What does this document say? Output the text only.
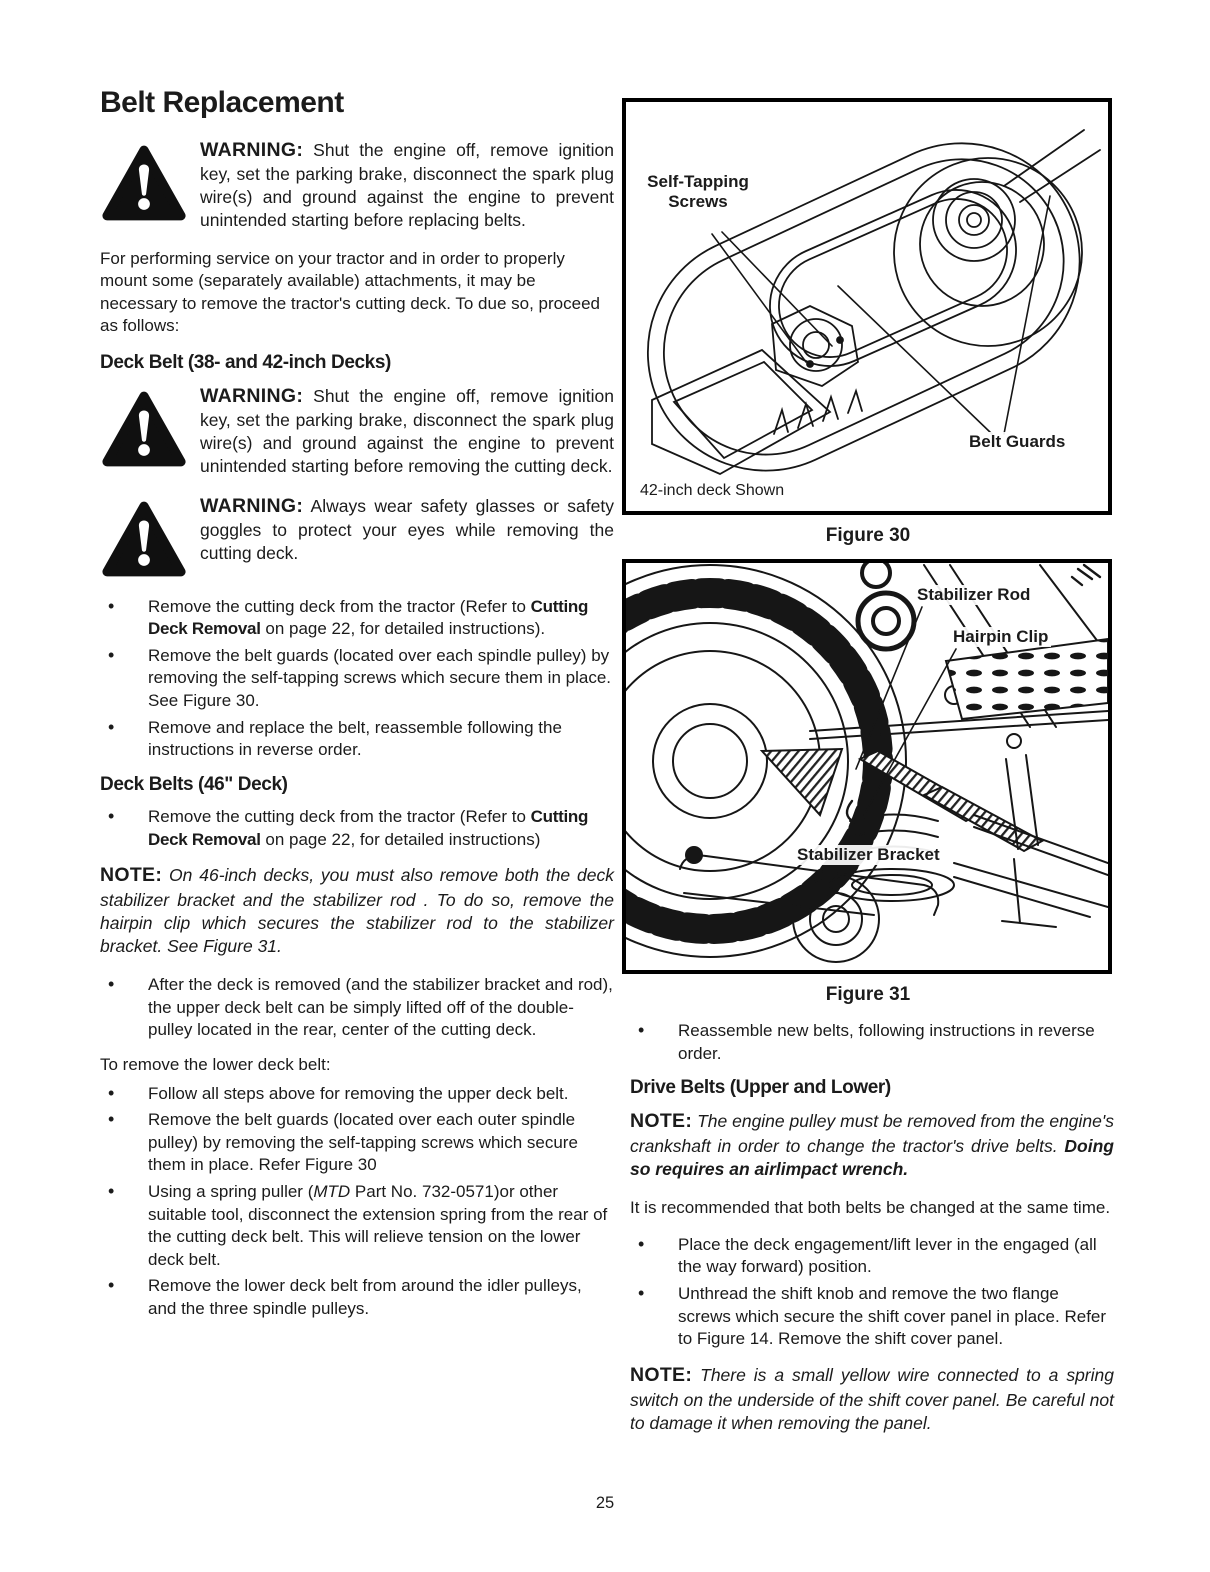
Belt Replacement
WARNING: Shut the engine off, remove ignition key, set the parking brake, disconnect the spark plug wire(s) and ground against the engine to prevent unintended starting before replacing belts.

For performing service on your tractor and in order to properly mount some (separately available) attachments, it may be necessary to remove the tractor's cutting deck. To due so, proceed as follows:

Deck Belt (38- and 42-inch Decks)
WARNING: Shut the engine off, remove ignition key, set the parking brake, disconnect the spark plug wire(s) and ground against the engine to prevent unintended starting before removing the cutting deck.
WARNING: Always wear safety glasses or safety goggles to protect your eyes while removing the cutting deck.
• Remove the cutting deck from the tractor (Refer to Cutting Deck Removal on page 22, for detailed instructions).
• Remove the belt guards (located over each spindle pulley) by removing the self-tapping screws which secure them in place. See Figure 30.
• Remove and replace the belt, reassemble following the instructions in reverse order.
Deck Belts (46" Deck)
• Remove the cutting deck from the tractor (Refer to Cutting Deck Removal on page 22, for detailed instructions)

NOTE: On 46-inch decks, you must also remove both the deck stabilizer bracket and the stabilizer rod . To do so, remove the hairpin clip which secures the stabilizer rod to the stabilizer bracket. See Figure 31.

• After the deck is removed (and the stabilizer bracket and rod), the upper deck belt can be simply lifted off of the double-pulley located in the rear, center of the cutting deck.

To remove the lower deck belt:

• Follow all steps above for removing the upper deck belt.
• Remove the belt guards (located over each outer spindle pulley) by removing the self-tapping screws which secure them in place. Refer Figure 30
• Using a spring puller (MTD Part No. 732-0571)or other suitable tool, disconnect the extension spring from the rear of the cutting deck belt. This will relieve tension on the lower deck belt.
• Remove the lower deck belt from around the idler pulleys, and the three spindle pulleys.
Self-Tapping
Screws
Belt Guards
42-inch deck Shown
Figure 30
Stabilizer Rod
Hairpin Clip
Stabilizer Bracket
Figure 31
• Reassemble new belts, following instructions in reverse order.
Drive Belts (Upper and Lower)

NOTE: The engine pulley must be removed from the engine's crankshaft in order to change the tractor's drive belts. Doing so requires an airlimpact wrench.

It is recommended that both belts be changed at the same time.

• Place the deck engagement/lift lever in the engaged (all the way forward) position.
• Unthread the shift knob and remove the two flange screws which secure the shift cover panel in place. Refer to Figure 14. Remove the shift cover panel.

NOTE: There is a small yellow wire connected to a spring switch on the underside of the shift cover panel. Be careful not to damage it when removing the panel.

25
